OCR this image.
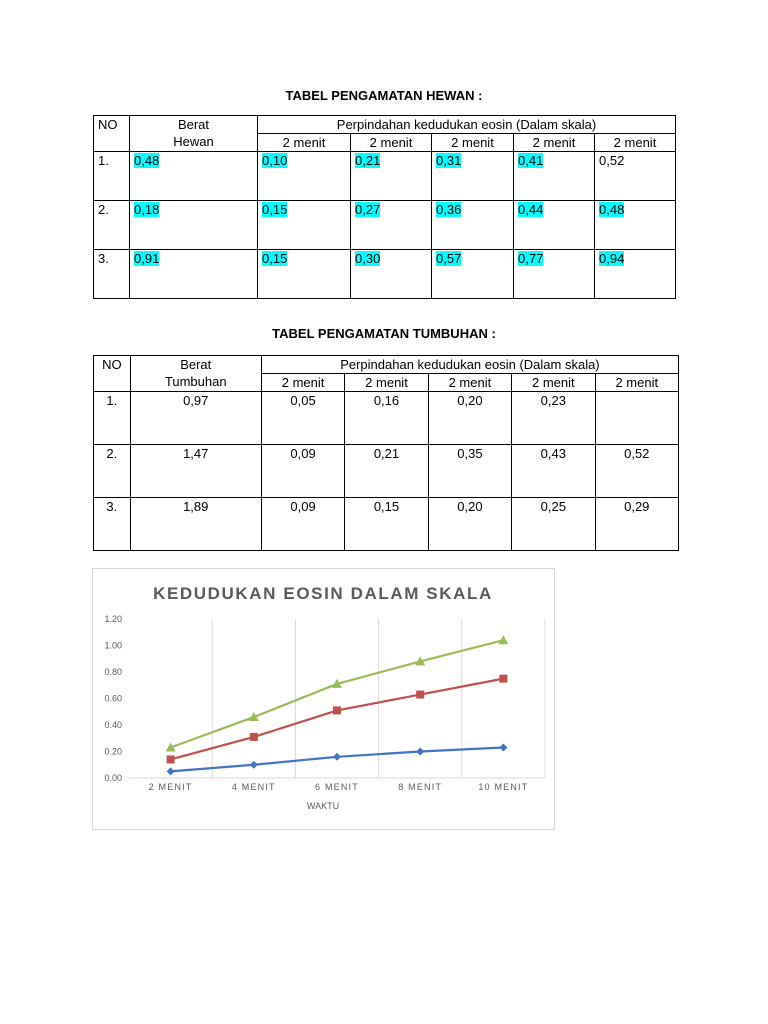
TABEL PENGAMATAN HEWAN :
NO	Berat
Hewan	Perpindahan kedudukan eosin (Dalam skala)				
		2 menit	2 menit	2 menit	2 menit	2 menit
1.	0,48	0,10	0,21	0,31	0,41	0,52
2.	0,18	0,15	0,27	0,36	0,44	0,48
3.	0,91	0,15	0,30	0,57	0,77	0,94
TABEL PENGAMATAN TUMBUHAN :
NO	Berat
Tumbuhan	Perpindahan kedudukan eosin (Dalam skala)				
		2 menit	2 menit	2 menit	2 menit	2 menit
1.	0,97	0,05	0,16	0,20	0,23	
2.	1,47	0,09	0,21	0,35	0,43	0,52
3.	1,89	0,09	0,15	0,20	0,25	0,29
KEDUDUKAN EOSIN DALAM SKALA
WAKTU
0.00
0.20
0.40
0.60
0.80
1.00
1.20
2 MENIT	4 MENIT	6 MENIT	8 MENIT	10 MENIT
